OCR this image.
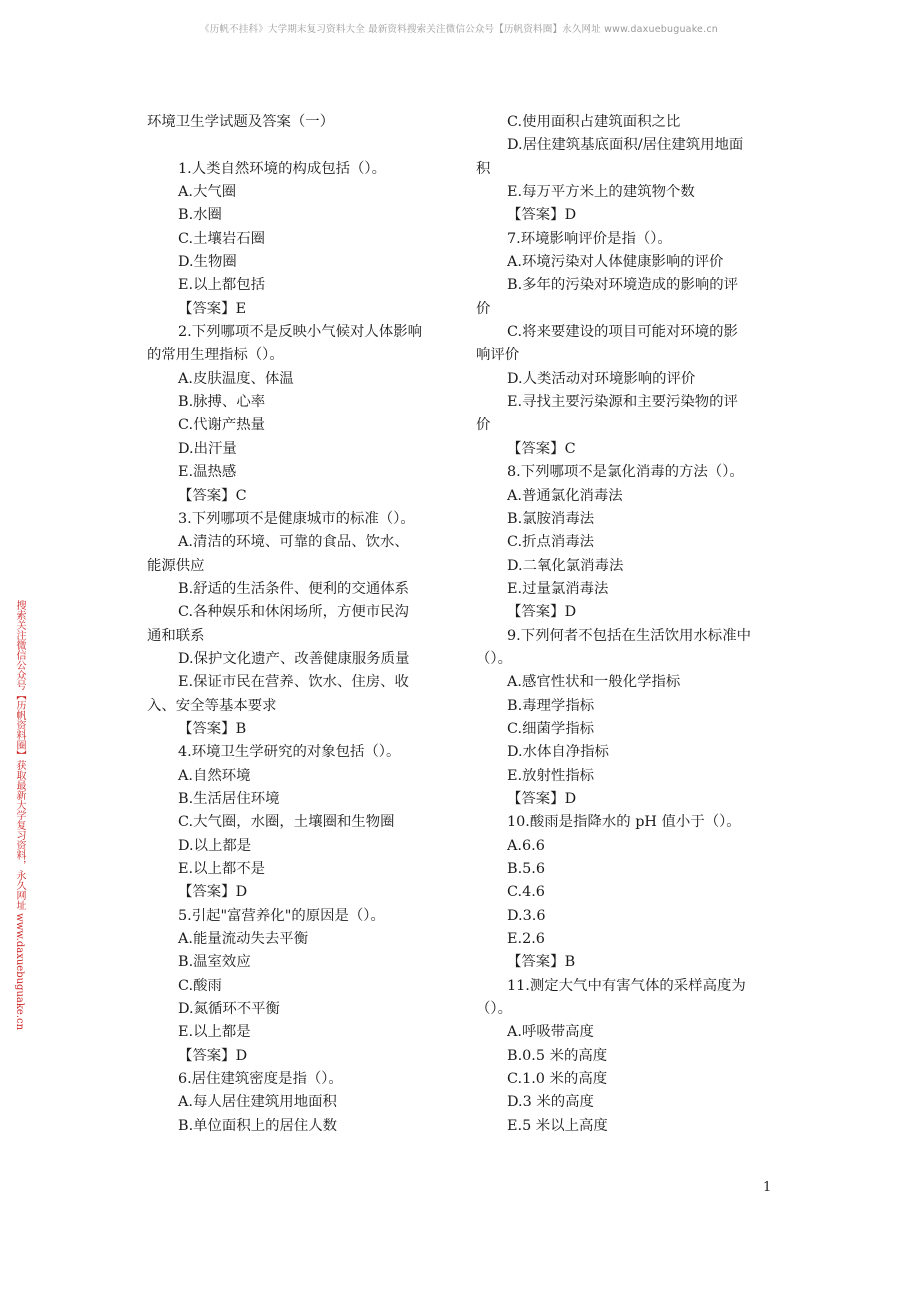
《历帆不挂科》大学期末复习资料大全 最新资料搜索关注微信公众号【历帆资料圈】永久网址 www.daxuebuguake.cn
搜索关注微信公众号【历帆资料圈】获取最新大学复习资料，永久网址 www.daxuebuguake.cn
环境卫生学试题及答案（一）
1.人类自然环境的构成包括（）。
A.大气圈
B.水圈
C.土壤岩石圈
D.生物圈
E.以上都包括
【答案】E
2.下列哪项不是反映小气候对人体影响
的常用生理指标（）。
A.皮肤温度、体温
B.脉搏、心率
C.代谢产热量
D.出汗量
E.温热感
【答案】C
3.下列哪项不是健康城市的标准（）。
A.清洁的环境、可靠的食品、饮水、
能源供应
B.舒适的生活条件、便利的交通体系
C.各种娱乐和休闲场所，方便市民沟
通和联系
D.保护文化遗产、改善健康服务质量
E.保证市民在营养、饮水、住房、收
入、安全等基本要求
【答案】B
4.环境卫生学研究的对象包括（）。
A.自然环境
B.生活居住环境
C.大气圈，水圈，土壤圈和生物圈
D.以上都是
E.以上都不是
【答案】D
5.引起"富营养化"的原因是（）。
A.能量流动失去平衡
B.温室效应
C.酸雨
D.氮循环不平衡
E.以上都是
【答案】D
6.居住建筑密度是指（）。
A.每人居住建筑用地面积
B.单位面积上的居住人数
C.使用面积占建筑面积之比
D.居住建筑基底面积/居住建筑用地面
积
E.每万平方米上的建筑物个数
【答案】D
7.环境影响评价是指（）。
A.环境污染对人体健康影响的评价
B.多年的污染对环境造成的影响的评
价
C.将来要建设的项目可能对环境的影
响评价
D.人类活动对环境影响的评价
E.寻找主要污染源和主要污染物的评
价
【答案】C
8.下列哪项不是氯化消毒的方法（）。
A.普通氯化消毒法
B.氯胺消毒法
C.折点消毒法
D.二氧化氯消毒法
E.过量氯消毒法
【答案】D
9.下列何者不包括在生活饮用水标准中
（）。
A.感官性状和一般化学指标
B.毒理学指标
C.细菌学指标
D.水体自净指标
E.放射性指标
【答案】D
10.酸雨是指降水的 pH 值小于（）。
A.6.6
B.5.6
C.4.6
D.3.6
E.2.6
【答案】B
11.测定大气中有害气体的采样高度为
（）。
A.呼吸带高度
B.0.5 米的高度
C.1.0 米的高度
D.3 米的高度
E.5 米以上高度
1
